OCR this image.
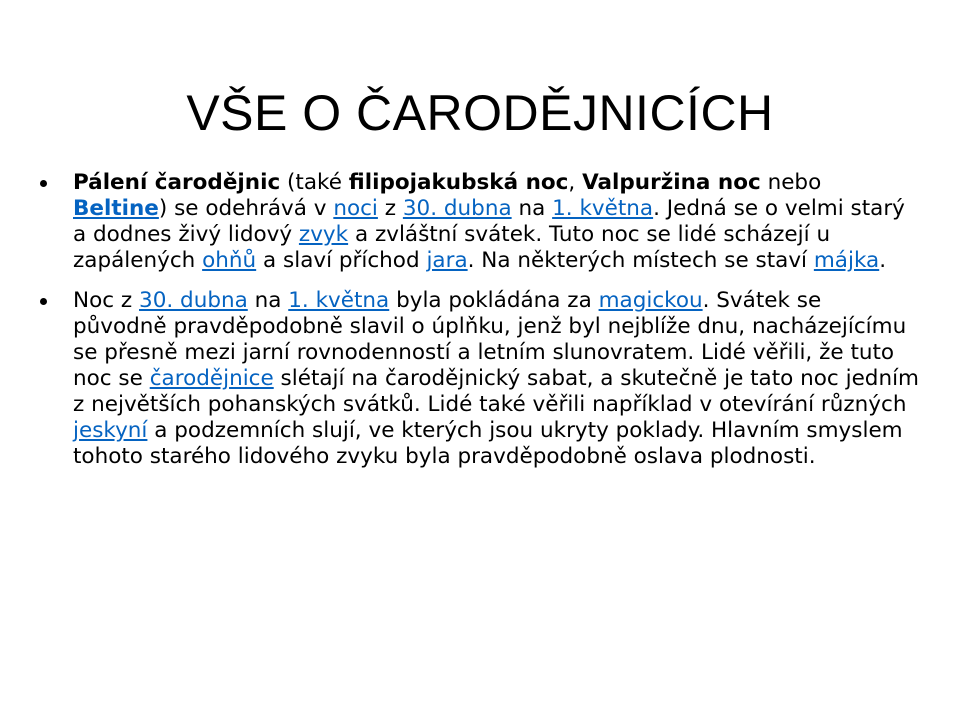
VŠE O ČARODĚJNICÍCH
Pálení čarodějnic (také filipojakubská noc, Valpuržina noc nebo Beltine) se odehrává v noci z 30. dubna na 1. května. Jedná se o velmi starý a dodnes živý lidový zvyk a zvláštní svátek. Tuto noc se lidé scházejí u zapálených ohňů a slaví příchod jara. Na některých místech se staví májka.
Noc z 30. dubna na 1. května byla pokládána za magickou. Svátek se původně pravděpodobně slavil o úplňku, jenž byl nejblíže dnu, nacházejícímu se přesně mezi jarní rovnodenností a letním slunovratem. Lidé věřili, že tuto noc se čarodějnice slétají na čarodějnický sabat, a skutečně je tato noc jedním z největších pohanských svátků. Lidé také věřili například v otevírání různých jeskyní a podzemních slují, ve kterých jsou ukryty poklady. Hlavním smyslem tohoto starého lidového zvyku byla pravděpodobně oslava plodnosti.
